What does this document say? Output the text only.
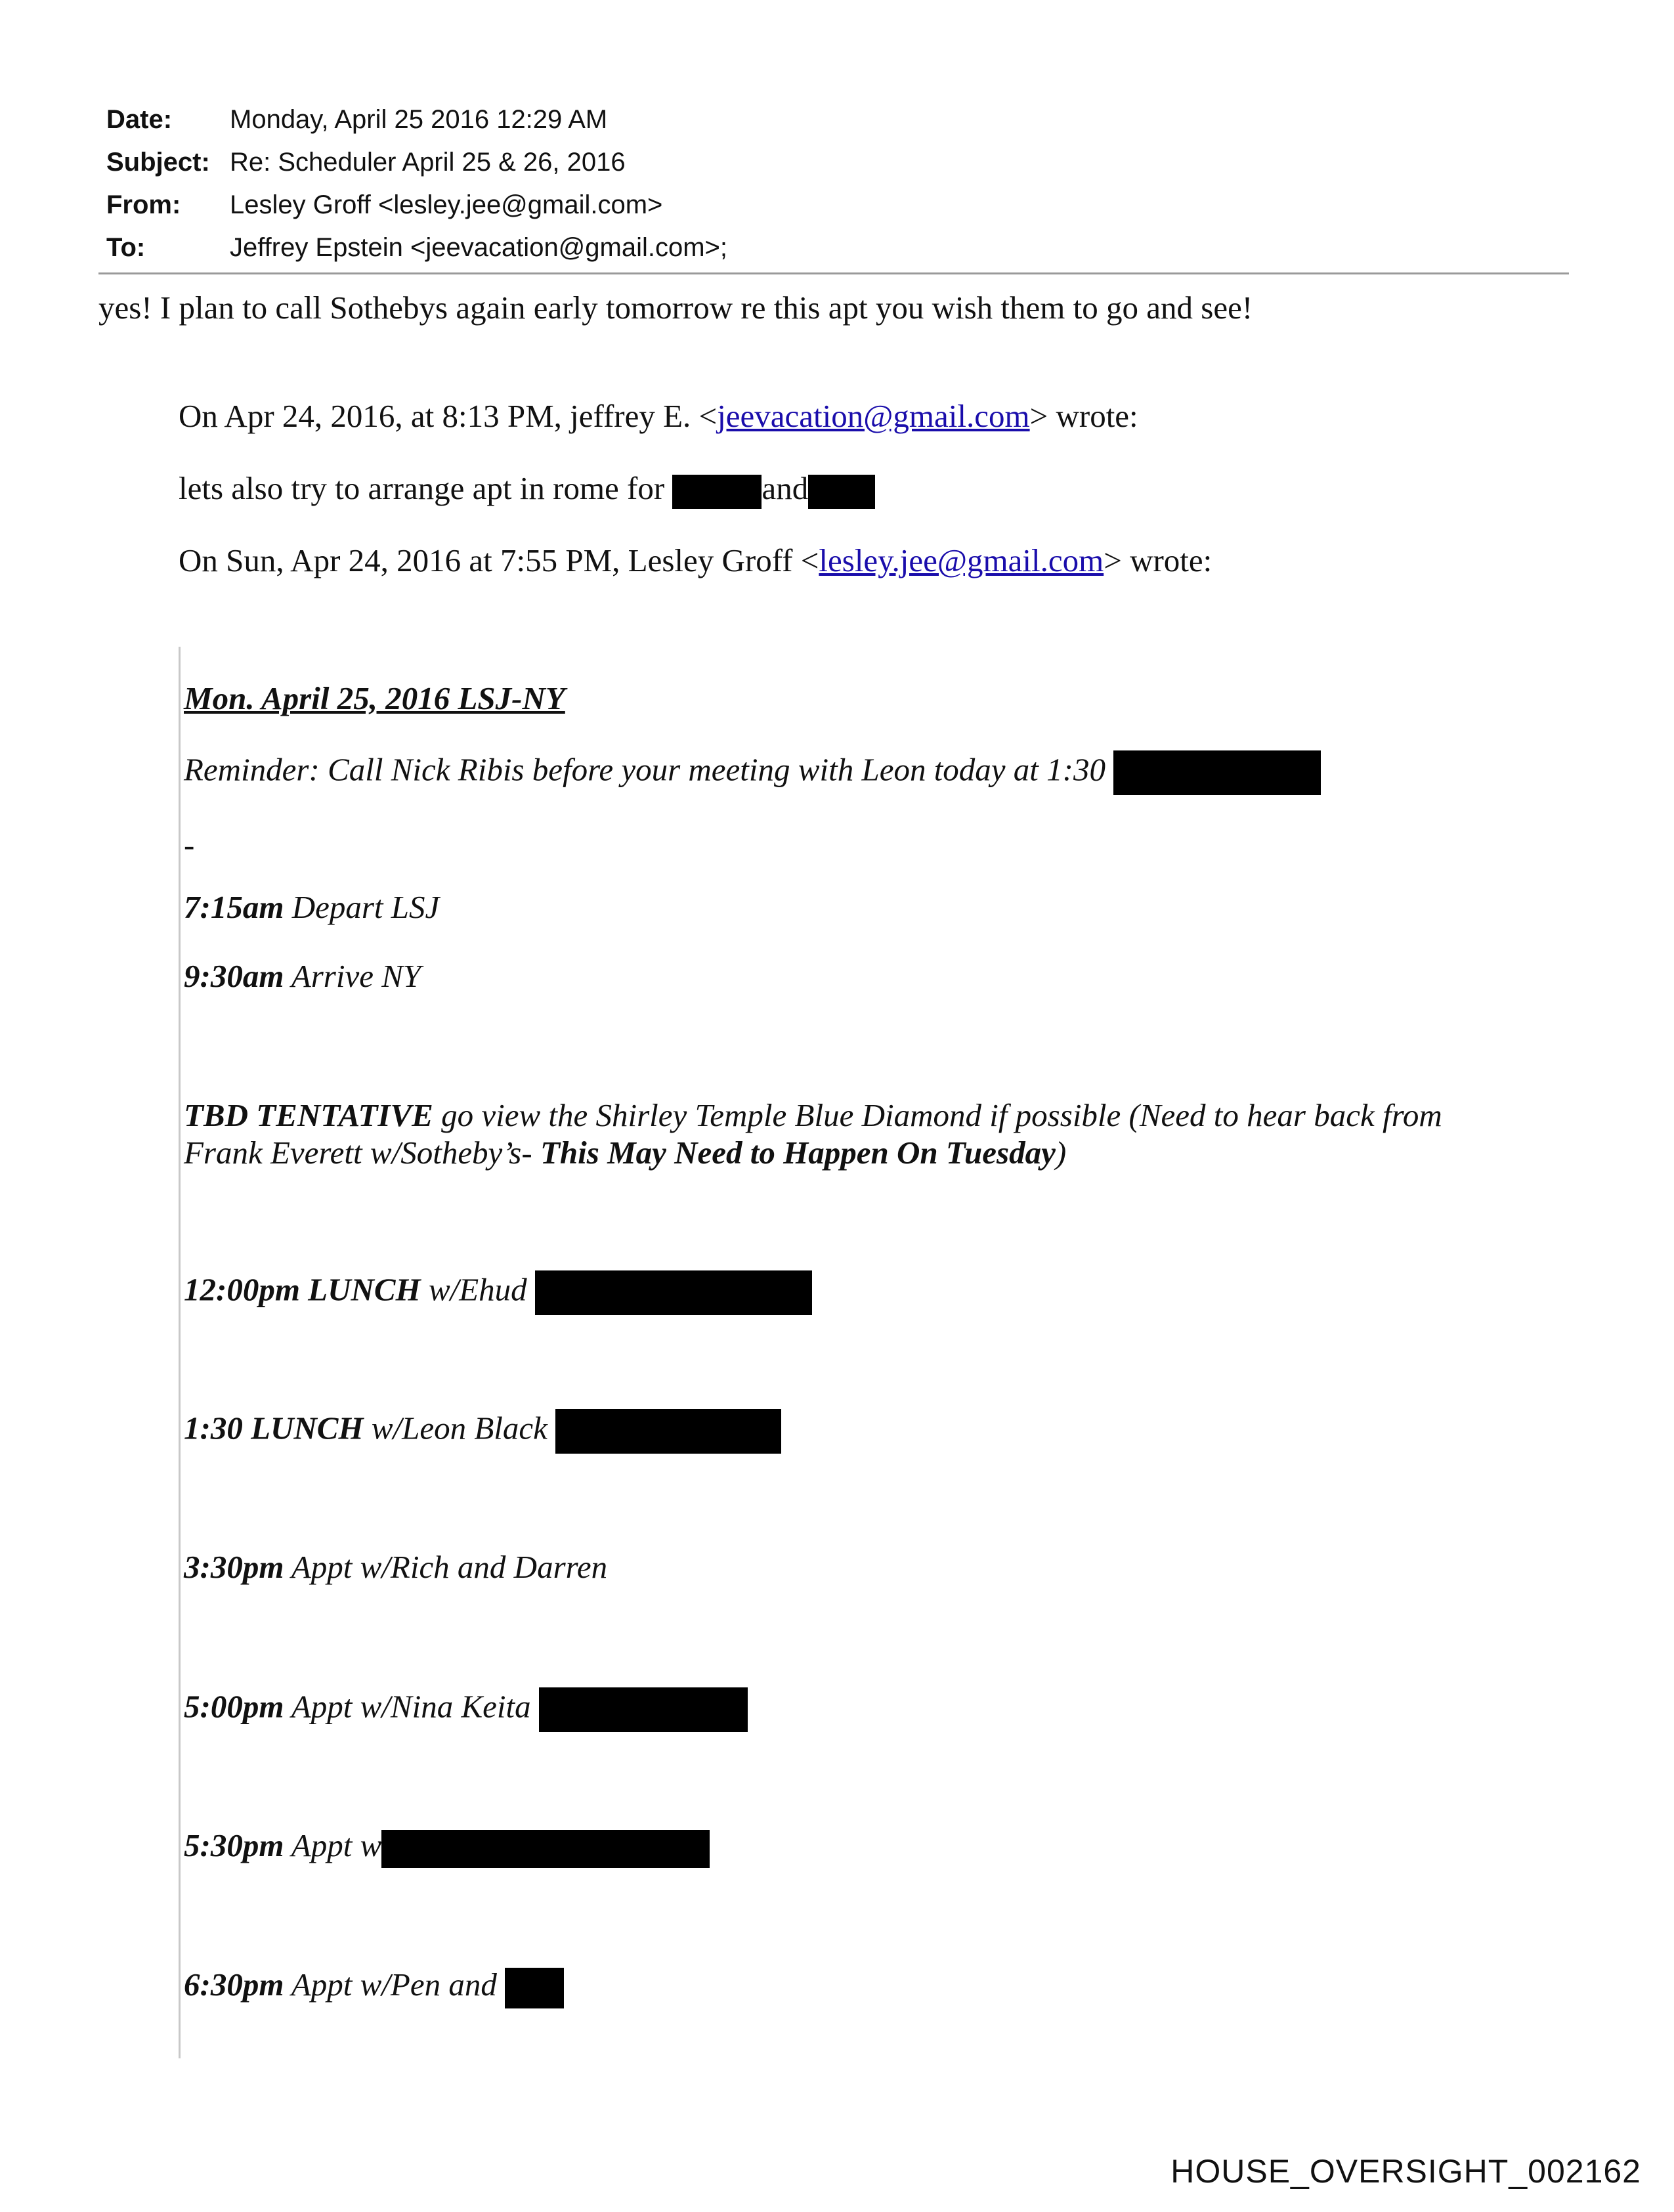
Date: Monday, April 25 2016 12:29 AM
Subject: Re: Scheduler April 25 & 26, 2016
From: Lesley Groff <lesley.jee@gmail.com>
To:	Jeffrey Epstein <jeevacation@gmail.com>;
yes! I plan to call Sothebys again early tomorrow re this apt you wish them to go and see!
On Apr 24, 2016, at 8:13 PM, jeffrey E. <jeevacation@gmail.com> wrote:
lets also try to arrange apt in rome for	and
On Sun, Apr 24, 2016 at 7:55 PM, Lesley Groff <lesley.jee@gmail.com> wrote:
Mon. April 25, 2016 LSJ-NY
Reminder: Call Nick Ribis before your meeting with Leon today at 1:30
-
7:15am Depart LSJ
9:30am Arrive NY
TBD TENTATIVE go view the Shirley Temple Blue Diamond if possible (Need to hear back from
Frank Everett w/Sotheby’s- This May Need to Happen On Tuesday)
12:00pm LUNCH w/Ehud
1:30 LUNCH w/Leon Black
3:30pm Appt w/Rich and Darren
5:00pm Appt w/Nina Keita
5:30pm Appt w
6:30pm Appt w/Pen and
HOUSE_OVERSIGHT_002162
